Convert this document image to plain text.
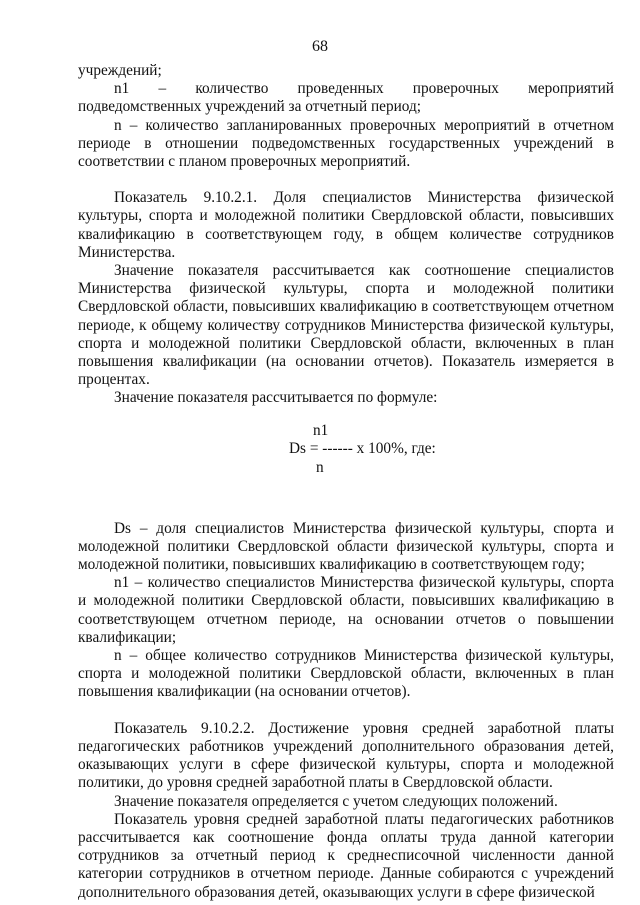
68

учреждений;

n1 – количество проведенных проверочных мероприятий подведомственных учреждений за отчетный период;

n – количество запланированных проверочных мероприятий в отчетном периоде в отношении подведомственных государственных учреждений в соответствии с планом проверочных мероприятий.

Показатель 9.10.2.1. Доля специалистов Министерства физической культуры, спорта и молодежной политики Свердловской области, повысивших квалификацию в соответствующем году, в общем количестве сотрудников Министерства.

Значение показателя рассчитывается как соотношение специалистов Министерства физической культуры, спорта и молодежной политики Свердловской области, повысивших квалификацию в соответствующем отчетном периоде, к общему количеству сотрудников Министерства физической культуры, спорта и молодежной политики Свердловской области, включенных в план повышения квалификации (на основании отчетов). Показатель измеряется в процентах.

Значение показателя рассчитывается по формуле:

n1
Ds = ------ х 100%, где:
n

Ds – доля специалистов Министерства физической культуры, спорта и молодежной политики Свердловской области физической культуры, спорта и молодежной политики, повысивших квалификацию в соответствующем году;

n1 – количество специалистов Министерства физической культуры, спорта и молодежной политики Свердловской области, повысивших квалификацию в соответствующем отчетном периоде, на основании отчетов о повышении квалификации;

n – общее количество сотрудников Министерства физической культуры, спорта и молодежной политики Свердловской области, включенных в план повышения квалификации (на основании отчетов).

Показатель 9.10.2.2. Достижение уровня средней заработной платы педагогических работников учреждений дополнительного образования детей, оказывающих услуги в сфере физической культуры, спорта и молодежной политики, до уровня средней заработной платы в Свердловской области.

Значение показателя определяется с учетом следующих положений.

Показатель уровня средней заработной платы педагогических работников рассчитывается как соотношение фонда оплаты труда данной категории сотрудников за отчетный период к среднесписочной численности данной категории сотрудников в отчетном периоде. Данные собираются с учреждений дополнительного образования детей, оказывающих услуги в сфере физической
